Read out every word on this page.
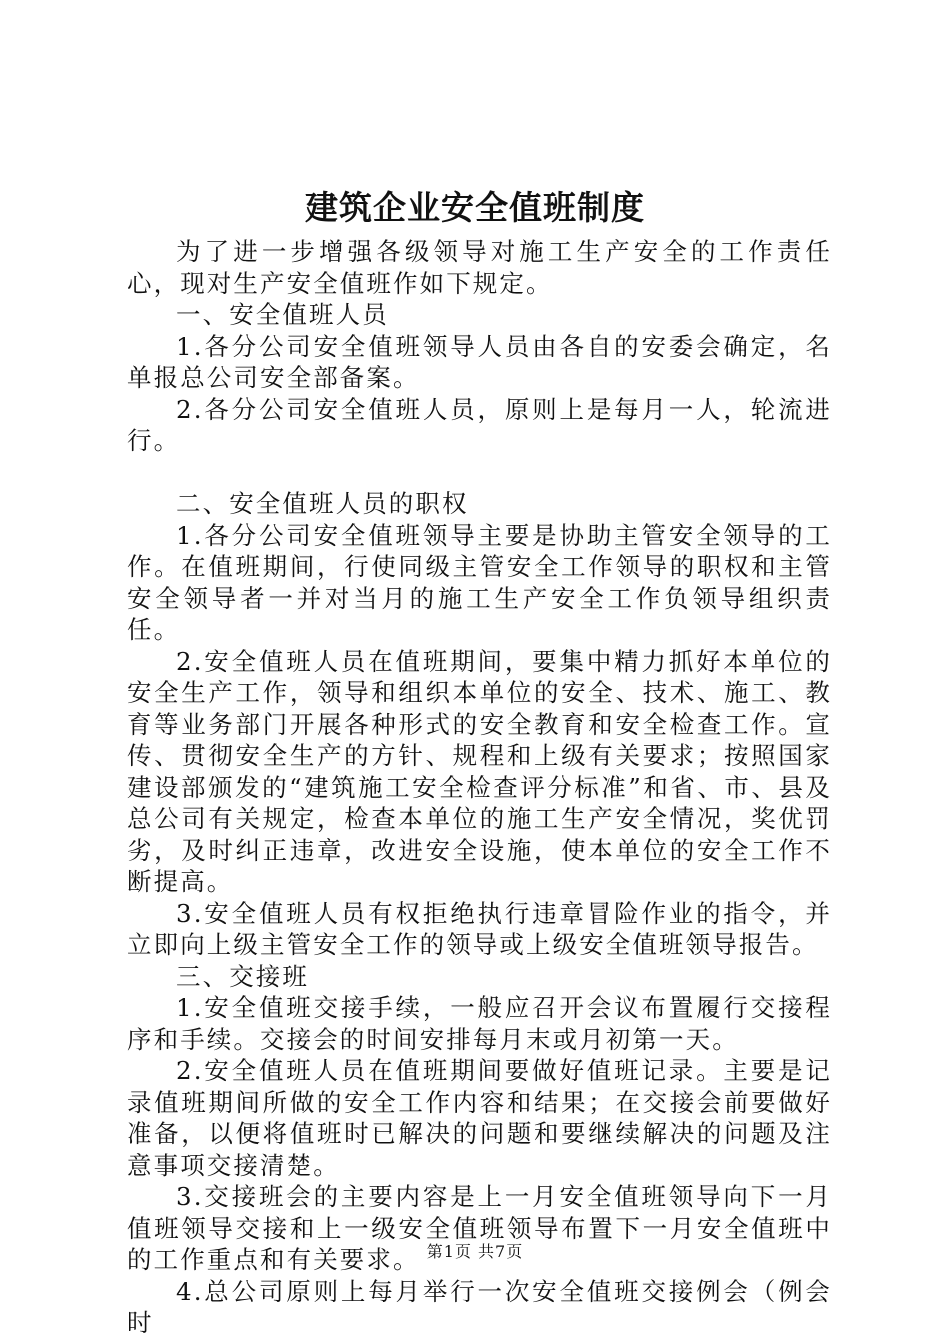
建筑企业安全值班制度

为了进一步增强各级领导对施工生产安全的工作责任心，现对生产安全值班作如下规定。

一、安全值班人员

1.各分公司安全值班领导人员由各自的安委会确定，名单报总公司安全部备案。

2.各分公司安全值班人员，原则上是每月一人，轮流进行。

二、安全值班人员的职权

1.各分公司安全值班领导主要是协助主管安全领导的工作。在值班期间，行使同级主管安全工作领导的职权和主管安全领导者一并对当月的施工生产安全工作负领导组织责任。

2.安全值班人员在值班期间，要集中精力抓好本单位的安全生产工作，领导和组织本单位的安全、技术、施工、教育等业务部门开展各种形式的安全教育和安全检查工作。宣传、贯彻安全生产的方针、规程和上级有关要求；按照国家建设部颁发的“建筑施工安全检查评分标准”和省、市、县及总公司有关规定，检查本单位的施工生产安全情况，奖优罚劣，及时纠正违章，改进安全设施，使本单位的安全工作不断提高。

3.安全值班人员有权拒绝执行违章冒险作业的指令，并立即向上级主管安全工作的领导或上级安全值班领导报告。

三、交接班

1.安全值班交接手续，一般应召开会议布置履行交接程序和手续。交接会的时间安排每月末或月初第一天。

2.安全值班人员在值班期间要做好值班记录。主要是记录值班期间所做的安全工作内容和结果；在交接会前要做好准备，以便将值班时已解决的问题和要继续解决的问题及注意事项交接清楚。

3.交接班会的主要内容是上一月安全值班领导向下一月值班领导交接和上一级安全值班领导布置下一月安全值班中的工作重点和有关要求。

4.总公司原则上每月举行一次安全值班交接例会（例会时

第1页 共7页
